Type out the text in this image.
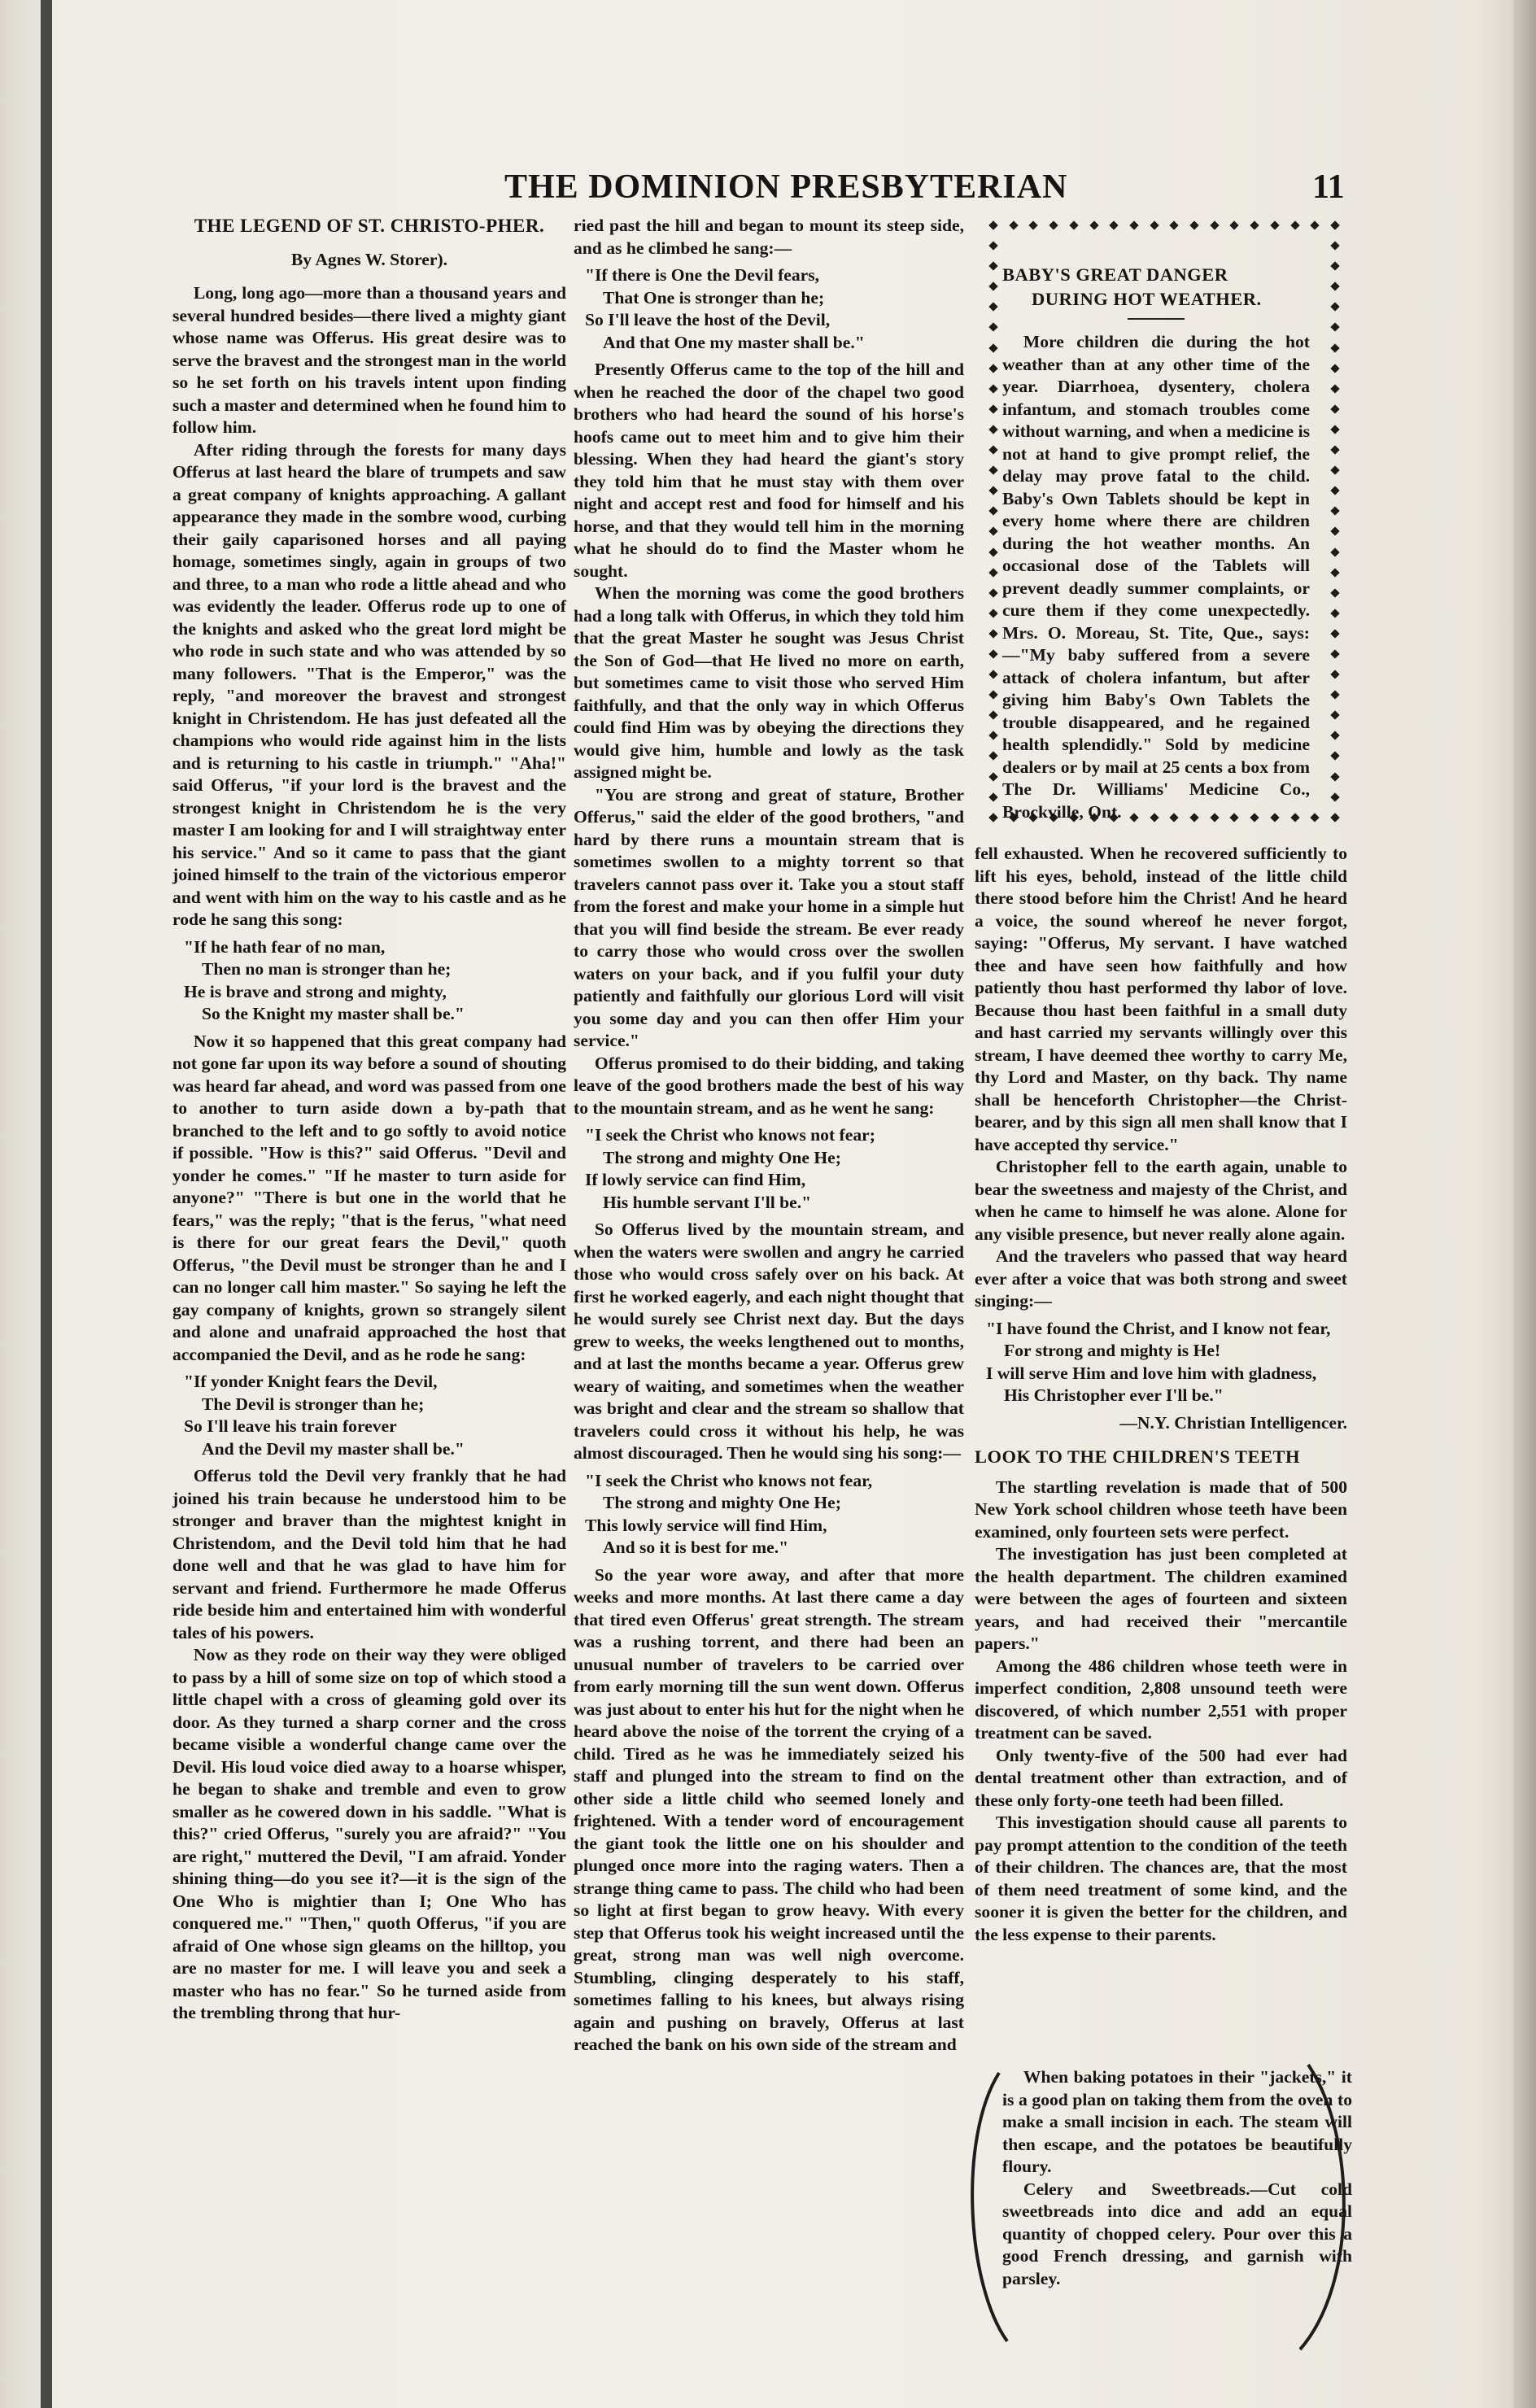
THE DOMINION PRESBYTERIAN	11
THE LEGEND OF ST. CHRISTO-PHER.
By Agnes W. Storer).

Long, long ago—more than a thousand years and several hundred besides—there lived a mighty giant whose name was Offerus. His great desire was to serve the bravest and the strongest man in the world so he set forth on his travels intent upon finding such a master and determined when he found him to follow him.

After riding through the forests for many days Offerus at last heard the blare of trumpets and saw a great company of knights approaching. A gallant appearance they made in the sombre wood, curbing their gaily caparisoned horses and all paying homage, sometimes singly, again in groups of two and three, to a man who rode a little ahead and who was evidently the leader. Offerus rode up to one of the knights and asked who the great lord might be who rode in such state and who was attended by so many followers. "That is the Emperor," was the reply, "and moreover the bravest and strongest knight in Christendom. He has just defeated all the champions who would ride against him in the lists and is returning to his castle in triumph." "Aha!" said Offerus, "if your lord is the bravest and the strongest knight in Christendom he is the very master I am looking for and I will straightway enter his service." And so it came to pass that the giant joined himself to the train of the victorious emperor and went with him on the way to his castle and as he rode he sang this song:

"If he hath fear of no man,
Then no man is stronger than he;
He is brave and strong and mighty,
So the Knight my master shall be."

Now it so happened that this great company had not gone far upon its way before a sound of shouting was heard far ahead, and word was passed from one to another to turn aside down a by-path that branched to the left and to go softly to avoid notice if possible. "How is this?" said Offerus. "Devil and yonder he comes." "If he master to turn aside for anyone?" "There is but one in the world that he fears," was the reply; "that is the ferus, "what need is there for our great fears the Devil," quoth Offerus, "the Devil must be stronger than he and I can no longer call him master." So saying he left the gay company of knights, grown so strangely silent and alone and unafraid approached the host that accompanied the Devil, and as he rode he sang:

"If yonder Knight fears the Devil,
The Devil is stronger than he;
So I'll leave his train forever
And the Devil my master shall be."

Offerus told the Devil very frankly that he had joined his train because he understood him to be stronger and braver than the mightest knight in Christendom, and the Devil told him that he had done well and that he was glad to have him for servant and friend. Furthermore he made Offerus ride beside him and entertained him with wonderful tales of his powers.

Now as they rode on their way they were obliged to pass by a hill of some size on top of which stood a little chapel with a cross of gleaming gold over its door. As they turned a sharp corner and the cross became visible a wonderful change came over the Devil. His loud voice died away to a hoarse whisper, he began to shake and tremble and even to grow smaller as he cowered down in his saddle. "What is this?" cried Offerus, "surely you are afraid?" "You are right," muttered the Devil, "I am afraid. Yonder shining thing—do you see it?—it is the sign of the One Who is mightier than I; One Who has conquered me." "Then," quoth Offerus, "if you are afraid of One whose sign gleams on the hilltop, you are no master for me. I will leave you and seek a master who has no fear." So he turned aside from the trembling throng that hur-

ried past the hill and began to mount its steep side, and as he climbed he sang:—

"If there is One the Devil fears,
That One is stronger than he;
So I'll leave the host of the Devil,
And that One my master shall be."

Presently Offerus came to the top of the hill and when he reached the door of the chapel two good brothers who had heard the sound of his horse's hoofs came out to meet him and to give him their blessing. When they had heard the giant's story they told him that he must stay with them over night and accept rest and food for himself and his horse, and that they would tell him in the morning what he should do to find the Master whom he sought.

When the morning was come the good brothers had a long talk with Offerus, in which they told him that the great Master he sought was Jesus Christ the Son of God—that He lived no more on earth, but sometimes came to visit those who served Him faithfully, and that the only way in which Offerus could find Him was by obeying the directions they would give him, humble and lowly as the task assigned might be.

"You are strong and great of stature, Brother Offerus," said the elder of the good brothers, "and hard by there runs a mountain stream that is sometimes swollen to a mighty torrent so that travelers cannot pass over it. Take you a stout staff from the forest and make your home in a simple hut that you will find beside the stream. Be ever ready to carry those who would cross over the swollen waters on your back, and if you fulfil your duty patiently and faithfully our glorious Lord will visit you some day and you can then offer Him your service."

Offerus promised to do their bidding, and taking leave of the good brothers made the best of his way to the mountain stream, and as he went he sang:

"I seek the Christ who knows not fear;
The strong and mighty One He;
If lowly service can find Him,
His humble servant I'll be."

So Offerus lived by the mountain stream, and when the waters were swollen and angry he carried those who would cross safely over on his back. At first he worked eagerly, and each night thought that he would surely see Christ next day. But the days grew to weeks, the weeks lengthened out to months, and at last the months became a year. Offerus grew weary of waiting, and sometimes when the weather was bright and clear and the stream so shallow that travelers could cross it without his help, he was almost discouraged. Then he would sing his song:—

"I seek the Christ who knows not fear,
The strong and mighty One He;
This lowly service will find Him,
And so it is best for me."

So the year wore away, and after that more weeks and more months. At last there came a day that tired even Offerus' great strength. The stream was a rushing torrent, and there had been an unusual number of travelers to be carried over from early morning till the sun went down. Offerus was just about to enter his hut for the night when he heard above the noise of the torrent the crying of a child. Tired as he was he immediately seized his staff and plunged into the stream to find on the other side a little child who seemed lonely and frightened. With a tender word of encouragement the giant took the little one on his shoulder and plunged once more into the raging waters. Then a strange thing came to pass. The child who had been so light at first began to grow heavy. With every step that Offerus took his weight increased until the great, strong man was well nigh overcome. Stumbling, clinging desperately to his staff, sometimes falling to his knees, but always rising again and pushing on bravely, Offerus at last reached the bank on his own side of the stream and

BABY'S GREAT DANGER
DURING HOT WEATHER.

More children die during the hot weather than at any other time of the year. Diarrhoea, dysentery, cholera infantum, and stomach troubles come without warning, and when a medicine is not at hand to give prompt relief, the delay may prove fatal to the child. Baby's Own Tablets should be kept in every home where there are children during the hot weather months. An occasional dose of the Tablets will prevent deadly summer complaints, or cure them if they come unexpectedly. Mrs. O. Moreau, St. Tite, Que., says:—"My baby suffered from a severe attack of cholera infantum, but after giving him Baby's Own Tablets the trouble disappeared, and he regained health splendidly." Sold by medicine dealers or by mail at 25 cents a box from The Dr. Williams' Medicine Co., Brockville, Ont.

fell exhausted. When he recovered sufficiently to lift his eyes, behold, instead of the little child there stood before him the Christ! And he heard a voice, the sound whereof he never forgot, saying: "Offerus, My servant. I have watched thee and have seen how faithfully and how patiently thou hast performed thy labor of love. Because thou hast been faithful in a small duty and hast carried my servants willingly over this stream, I have deemed thee worthy to carry Me, thy Lord and Master, on thy back. Thy name shall be henceforth Christopher—the Christ-bearer, and by this sign all men shall know that I have accepted thy service."

Christopher fell to the earth again, unable to bear the sweetness and majesty of the Christ, and when he came to himself he was alone. Alone for any visible presence, but never really alone again.

And the travelers who passed that way heard ever after a voice that was both strong and sweet singing:—

"I have found the Christ, and I know not fear,
For strong and mighty is He!
I will serve Him and love him with gladness,
His Christopher ever I'll be."

—N.Y. Christian Intelligencer.
LOOK TO THE CHILDREN'S TEETH

The startling revelation is made that of 500 New York school children whose teeth have been examined, only fourteen sets were perfect.

The investigation has just been completed at the health department. The children examined were between the ages of fourteen and sixteen years, and had received their "mercantile papers."

Among the 486 children whose teeth were in imperfect condition, 2,808 unsound teeth were discovered, of which number 2,551 with proper treatment can be saved.

Only twenty-five of the 500 had ever had dental treatment other than extraction, and of these only forty-one teeth had been filled.

This investigation should cause all parents to pay prompt attention to the condition of the teeth of their children. The chances are, that the most of them need treatment of some kind, and the sooner it is given the better for the children, and the less expense to their parents.

When baking potatoes in their "jackets," it is a good plan on taking them from the oven to make a small incision in each. The steam will then escape, and the potatoes be beautifully floury.

Celery and Sweetbreads.—Cut cold sweetbreads into dice and add an equal quantity of chopped celery. Pour over this a good French dressing, and garnish with parsley.
